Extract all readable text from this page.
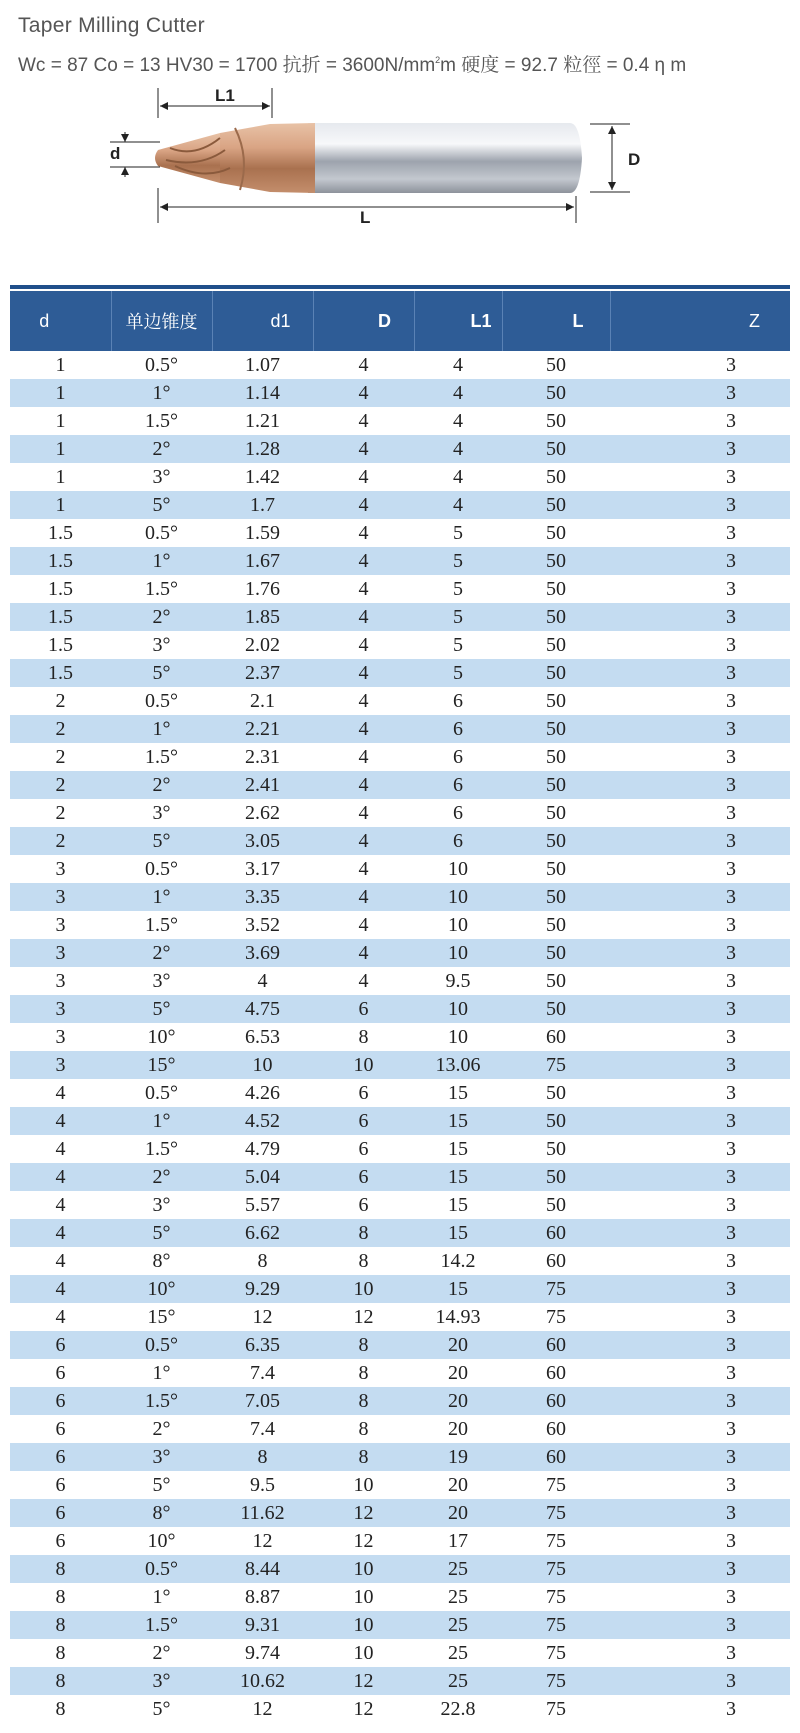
Taper Milling Cutter
Wc = 87 Co = 13 HV30 = 1700 抗折 = $3600N/mm^2m$ 硬度 = 92.7 粒徑 = 0.4 η m
L1
d	D
L
d	单边锥度	d1	D	L1	L	Z
1	0.5°	1.07	4	4	50	3
1	1°	1.14	4	4	50	3
1	1.5°	1.21	4	4	50	3
1	2°	1.28	4	4	50	3
1	3°	1.42	4	4	50	3
1	5°	1.7	4	4	50	3
1.5	0.5°	1.59	4	5	50	3
1.5	1°	1.67	4	5	50	3
1.5	1.5°	1.76	4	5	50	3
1.5	2°	1.85	4	5	50	3
1.5	3°	2.02	4	5	50	3
1.5	5°	2.37	4	5	50	3
2	0.5°	2.1	4	6	50	3
2	1°	2.21	4	6	50	3
2	1.5°	2.31	4	6	50	3
2	2°	2.41	4	6	50	3
2	3°	2.62	4	6	50	3
2	5°	3.05	4	6	50	3
3	0.5°	3.17	4	10	50	3
3	1°	3.35	4	10	50	3
3	1.5°	3.52	4	10	50	3
3	2°	3.69	4	10	50	3
3	3°	4	4	9.5	50	3
3	5°	4.75	6	10	50	3
3	10°	6.53	8	10	60	3
3	15°	10	10	13.06	75	3
4	0.5°	4.26	6	15	50	3
4	1°	4.52	6	15	50	3
4	1.5°	4.79	6	15	50	3
4	2°	5.04	6	15	50	3
4	3°	5.57	6	15	50	3
4	5°	6.62	8	15	60	3
4	8°	8	8	14.2	60	3
4	10°	9.29	10	15	75	3
4	15°	12	12	14.93	75	3
6	0.5°	6.35	8	20	60	3
6	1°	7.4	8	20	60	3
6	1.5°	7.05	8	20	60	3
6	2°	7.4	8	20	60	3
6	3°	8	8	19	60	3
6	5°	9.5	10	20	75	3
6	8°	11.62	12	20	75	3
6	10°	12	12	17	75	3
8	0.5°	8.44	10	25	75	3
8	1°	8.87	10	25	75	3
8	1.5°	9.31	10	25	75	3
8	2°	9.74	10	25	75	3
8	3°	10.62	12	25	75	3
8	5°	12	12	22.8	75	3
